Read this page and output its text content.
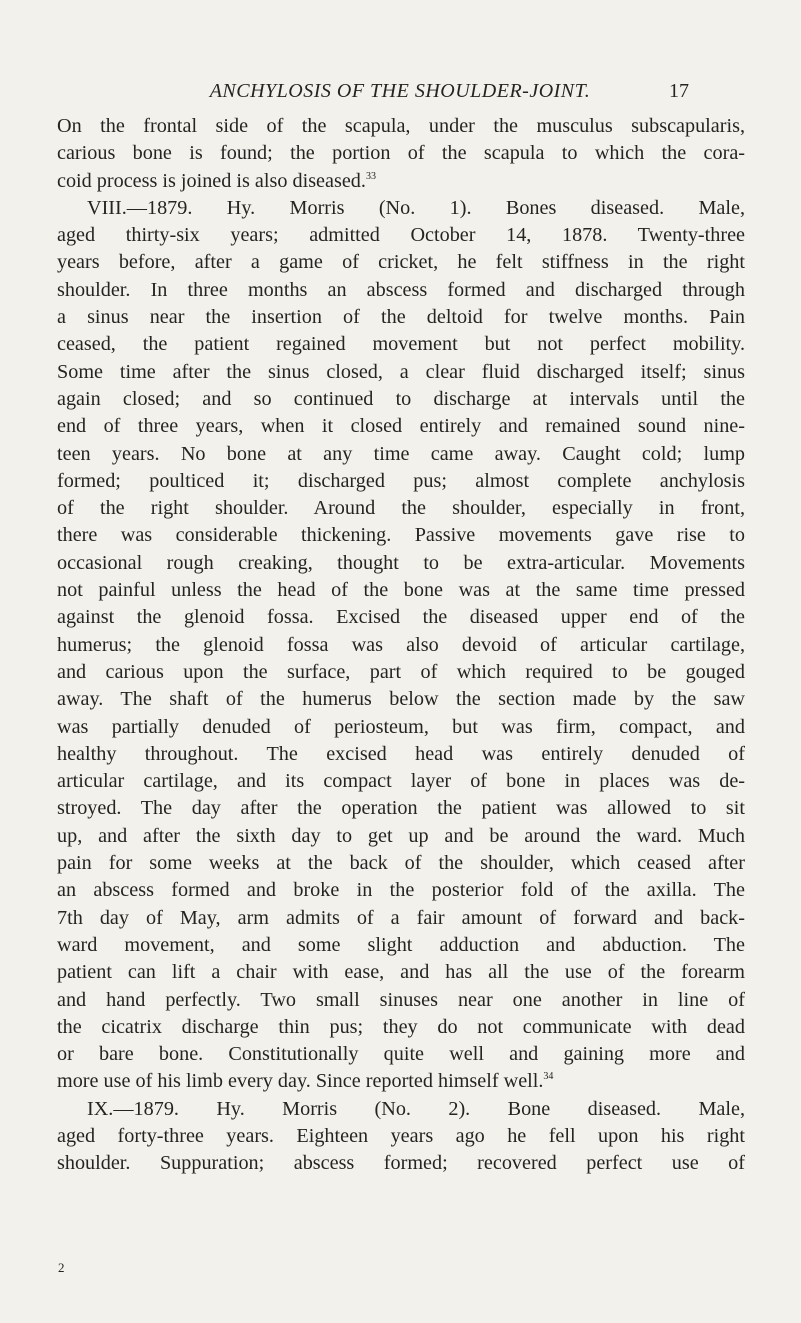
ANCHYLOSIS OF THE SHOULDER-JOINT.	17
On the frontal side of the scapula, under the musculus subscapularis,
carious bone is found; the portion of the scapula to which the cora-
coid process is joined is also diseased.$^{33}$
VIII.—1879. Hy. Morris (No. 1). Bones diseased. Male,
aged thirty-six years; admitted October 14, 1878. Twenty-three
years before, after a game of cricket, he felt stiffness in the right
shoulder. In three months an abscess formed and discharged through
a sinus near the insertion of the deltoid for twelve months. Pain
ceased, the patient regained movement but not perfect mobility.
Some time after the sinus closed, a clear fluid discharged itself; sinus
again closed; and so continued to discharge at intervals until the
end of three years, when it closed entirely and remained sound nine-
teen years. No bone at any time came away. Caught cold; lump
formed; poulticed it; discharged pus; almost complete anchylosis
of the right shoulder. Around the shoulder, especially in front,
there was considerable thickening. Passive movements gave rise to
occasional rough creaking, thought to be extra-articular. Movements
not painful unless the head of the bone was at the same time pressed
against the glenoid fossa. Excised the diseased upper end of the
humerus; the glenoid fossa was also devoid of articular cartilage,
and carious upon the surface, part of which required to be gouged
away. The shaft of the humerus below the section made by the saw
was partially denuded of periosteum, but was firm, compact, and
healthy throughout. The excised head was entirely denuded of
articular cartilage, and its compact layer of bone in places was de-
stroyed. The day after the operation the patient was allowed to sit
up, and after the sixth day to get up and be around the ward. Much
pain for some weeks at the back of the shoulder, which ceased after
an abscess formed and broke in the posterior fold of the axilla. The
7th day of May, arm admits of a fair amount of forward and back-
ward movement, and some slight adduction and abduction. The
patient can lift a chair with ease, and has all the use of the forearm
and hand perfectly. Two small sinuses near one another in line of
the cicatrix discharge thin pus; they do not communicate with dead
or bare bone. Constitutionally quite well and gaining more and
more use of his limb every day. Since reported himself well.$^{34}$
IX.—1879. Hy. Morris (No. 2). Bone diseased. Male,
aged forty-three years. Eighteen years ago he fell upon his right
shoulder. Suppuration; abscess formed; recovered perfect use of
2
